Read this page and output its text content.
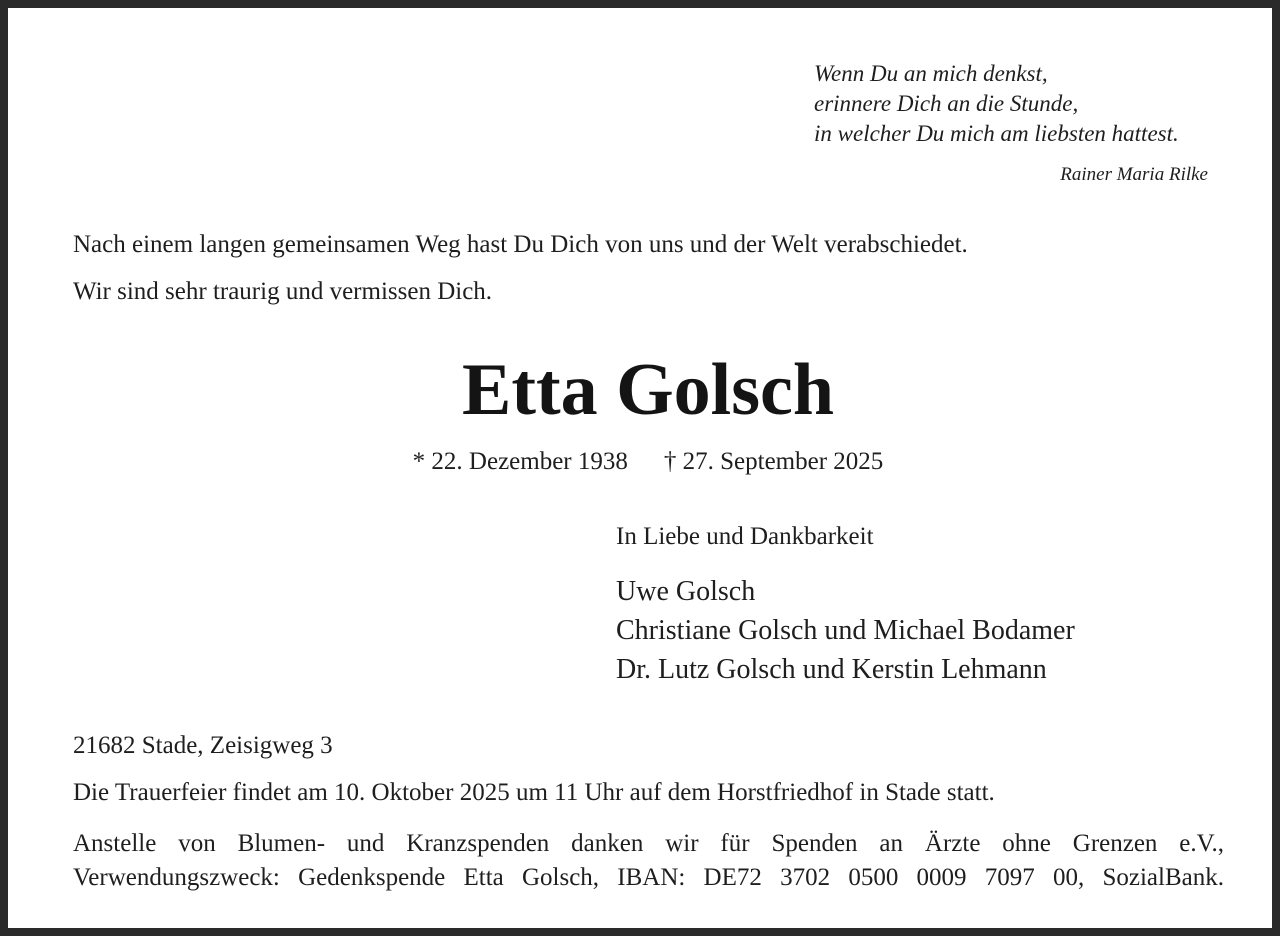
Wenn Du an mich denkst,
erinnere Dich an die Stunde,
in welcher Du mich am liebsten hattest.
Rainer Maria Rilke
Nach einem langen gemeinsamen Weg hast Du Dich von uns und der Welt verabschiedet.
Wir sind sehr traurig und vermissen Dich.
Etta Golsch
* 22. Dezember 1938 † 27. September 2025
In Liebe und Dankbarkeit
Uwe Golsch
Christiane Golsch und Michael Bodamer
Dr. Lutz Golsch und Kerstin Lehmann
21682 Stade, Zeisigweg 3
Die Trauerfeier findet am 10. Oktober 2025 um 11 Uhr auf dem Horstfriedhof in Stade statt.
Anstelle von Blumen- und Kranzspenden danken wir für Spenden an Ärzte ohne Grenzen e.V.,
Verwendungszweck: Gedenkspende Etta Golsch, IBAN: DE72 3702 0500 0009 7097 00, SozialBank.
